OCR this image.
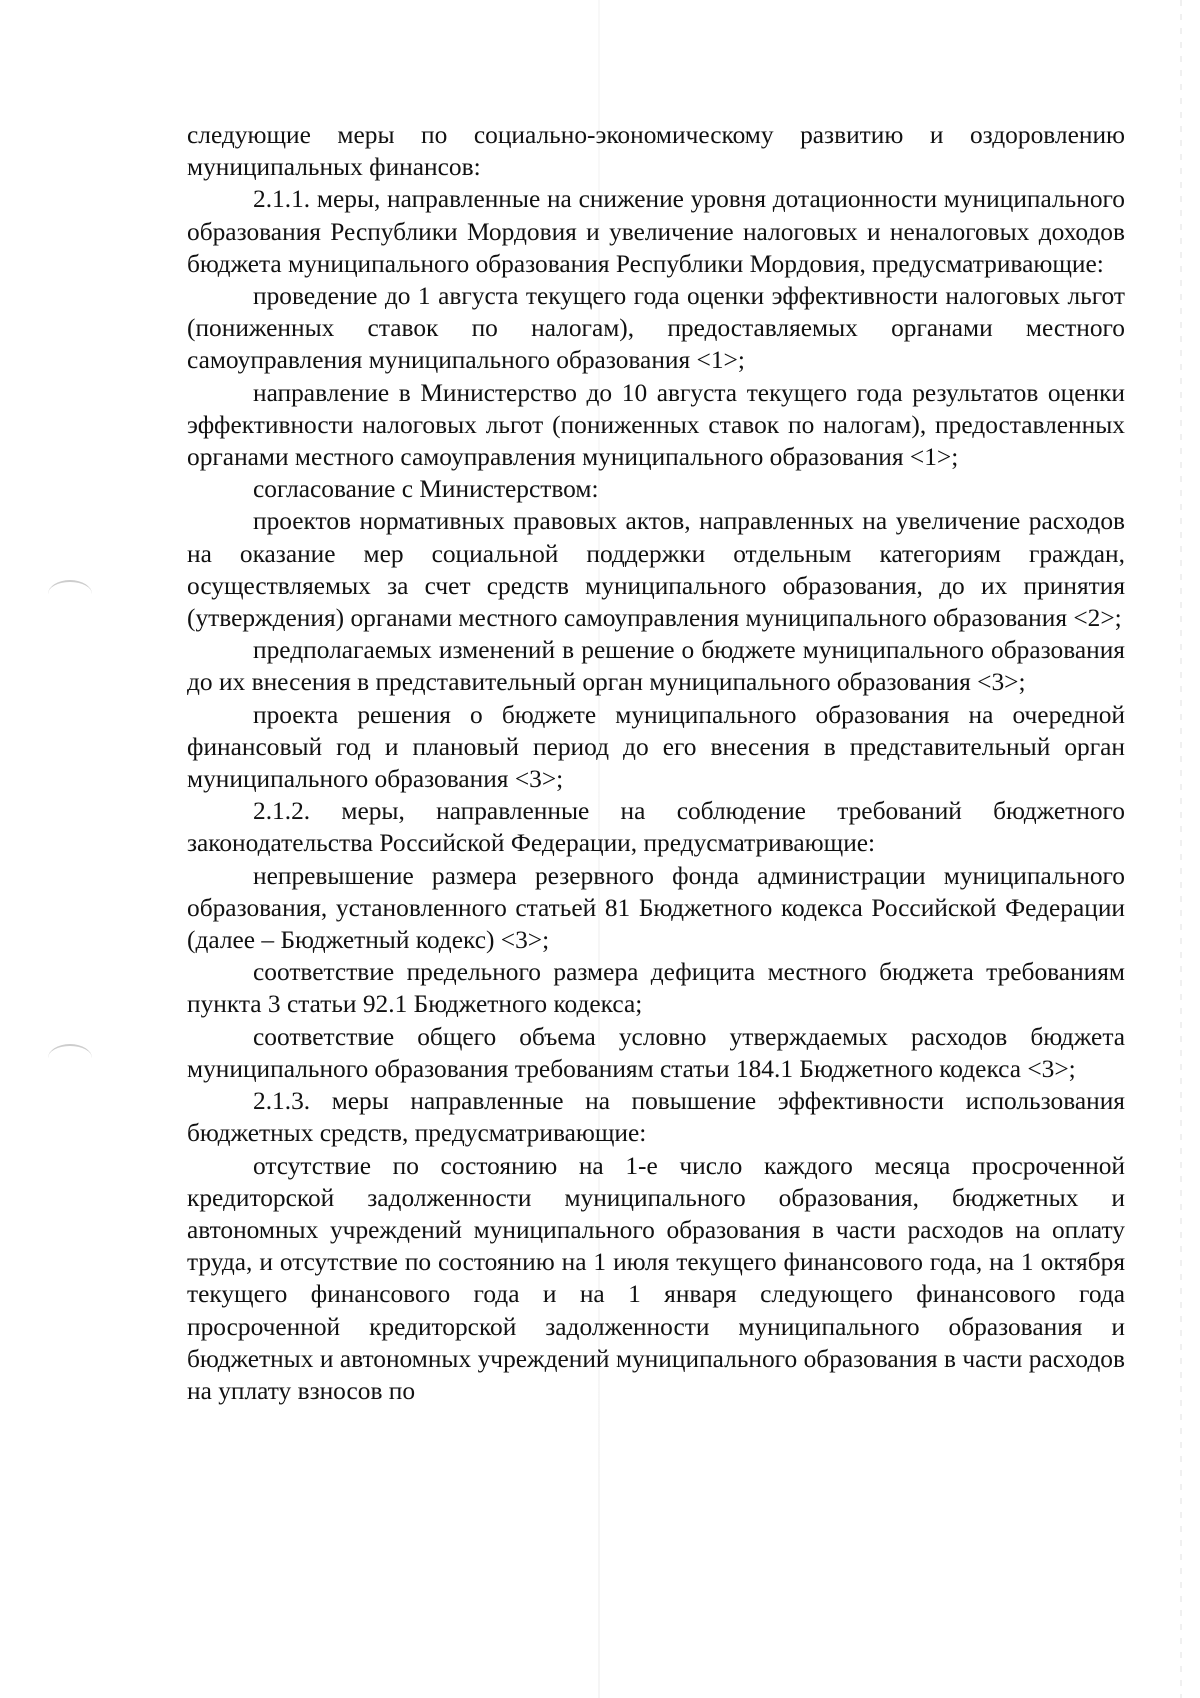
следующие меры по социально-экономическому развитию и оздоровлению муниципальных финансов:

2.1.1. меры, направленные на снижение уровня дотационности муниципального образования Республики Мордовия и увеличение налоговых и неналоговых доходов бюджета муниципального образования Республики Мордовия, предусматривающие:

проведение до 1 августа текущего года оценки эффективности налоговых льгот (пониженных ставок по налогам), предоставляемых органами местного самоуправления муниципального образования <1>;

направление в Министерство до 10 августа текущего года результатов оценки эффективности налоговых льгот (пониженных ставок по налогам), предоставленных органами местного самоуправления муниципального образования <1>;

согласование с Министерством:

проектов нормативных правовых актов, направленных на увеличение расходов на оказание мер социальной поддержки отдельным категориям граждан, осуществляемых за счет средств муниципального образования, до их принятия (утверждения) органами местного самоуправления муниципального образования <2>;

предполагаемых изменений в решение о бюджете муниципального образования до их внесения в представительный орган муниципального образования <3>;

проекта решения о бюджете муниципального образования на очередной финансовый год и плановый период до его внесения в представительный орган муниципального образования <3>;

2.1.2. меры, направленные на соблюдение требований бюджетного законодательства Российской Федерации, предусматривающие:

непревышение размера резервного фонда администрации муниципального образования, установленного статьей 81 Бюджетного кодекса Российской Федерации (далее – Бюджетный кодекс) <3>;

соответствие предельного размера дефицита местного бюджета требованиям пункта 3 статьи 92.1 Бюджетного кодекса;

соответствие общего объема условно утверждаемых расходов бюджета муниципального образования требованиям статьи 184.1 Бюджетного кодекса <3>;

2.1.3. меры направленные на повышение эффективности использования бюджетных средств, предусматривающие:

отсутствие по состоянию на 1-е число каждого месяца просроченной кредиторской задолженности муниципального образования, бюджетных и автономных учреждений муниципального образования в части расходов на оплату труда, и отсутствие по состоянию на 1 июля текущего финансового года, на 1 октября текущего финансового года и на 1 января следующего финансового года просроченной кредиторской задолженности муниципального образования и бюджетных и автономных учреждений муниципального образования в части расходов на уплату взносов по
